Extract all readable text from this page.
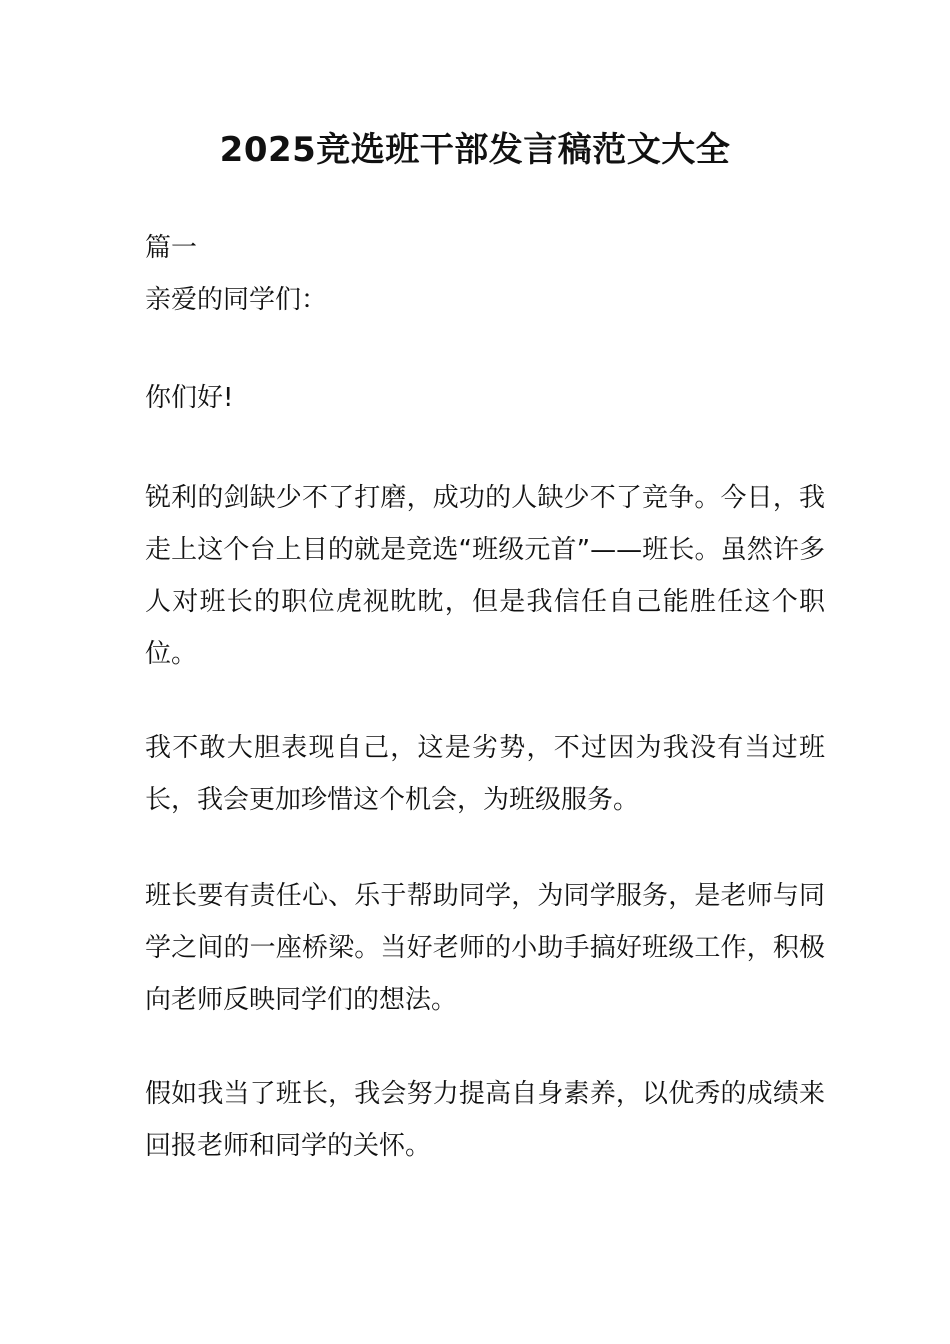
2025竞选班干部发言稿范文大全
篇一
亲爱的同学们：
你们好!
锐利的剑缺少不了打磨，成功的人缺少不了竞争。今日，我走上这个台上目的就是竞选“班级元首”——班长。虽然许多人对班长的职位虎视眈眈，但是我信任自己能胜任这个职位。
我不敢大胆表现自己，这是劣势，不过因为我没有当过班长，我会更加珍惜这个机会，为班级服务。
班长要有责任心、乐于帮助同学，为同学服务，是老师与同学之间的一座桥梁。当好老师的小助手搞好班级工作，积极向老师反映同学们的想法。
假如我当了班长，我会努力提高自身素养，以优秀的成绩来回报老师和同学的关怀。
